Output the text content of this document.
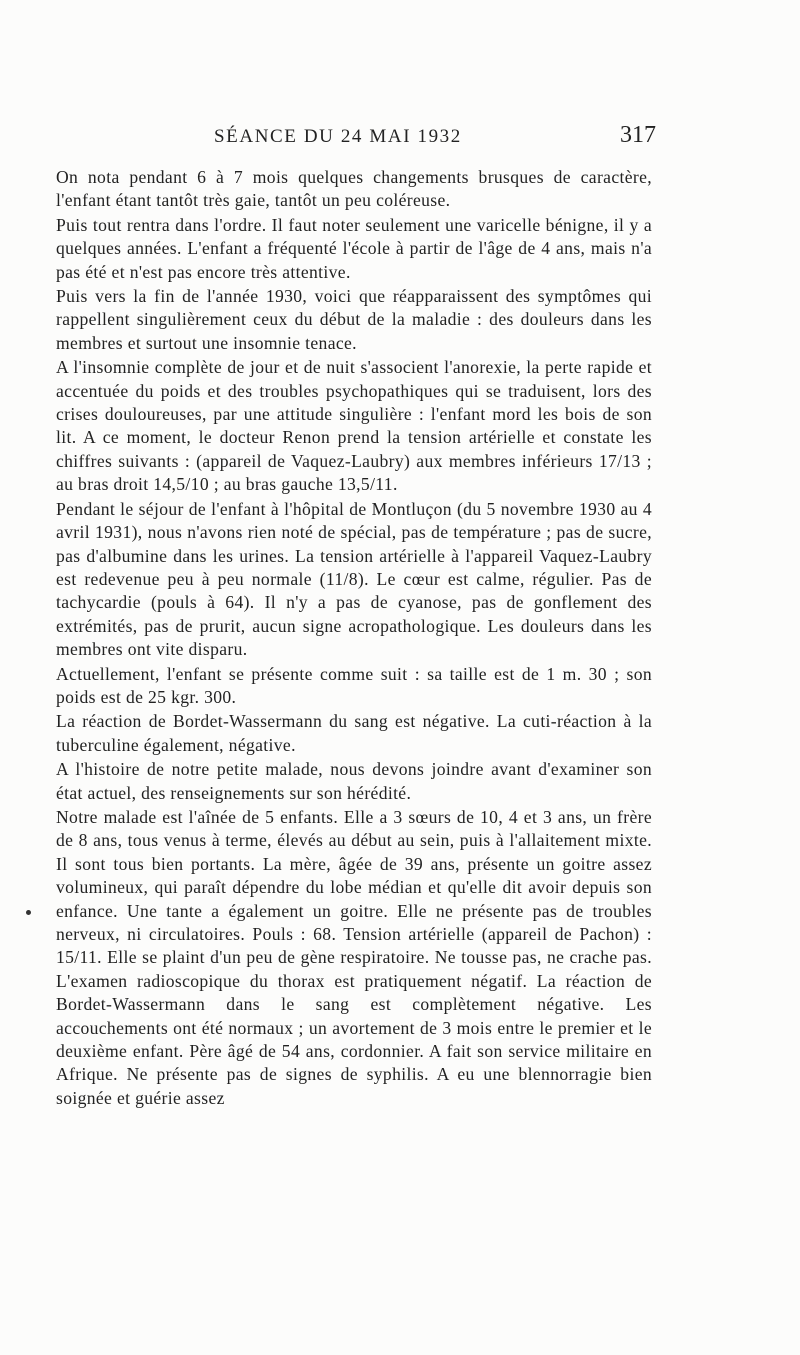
SÉANCE DU 24 MAI 1932	317

On nota pendant 6 à 7 mois quelques changements brusques de caractère, l'enfant étant tantôt très gaie, tantôt un peu coléreuse.

Puis tout rentra dans l'ordre. Il faut noter seulement une varicelle bénigne, il y a quelques années. L'enfant a fréquenté l'école à partir de l'âge de 4 ans, mais n'a pas été et n'est pas encore très attentive.

Puis vers la fin de l'année 1930, voici que réapparaissent des symptômes qui rappellent singulièrement ceux du début de la maladie : des douleurs dans les membres et surtout une insomnie tenace.

A l'insomnie complète de jour et de nuit s'associent l'anorexie, la perte rapide et accentuée du poids et des troubles psychopathiques qui se traduisent, lors des crises douloureuses, par une attitude singulière : l'enfant mord les bois de son lit. A ce moment, le docteur Renon prend la tension artérielle et constate les chiffres suivants : (appareil de Vaquez-Laubry) aux membres inférieurs 17/13 ; au bras droit 14,5/10 ; au bras gauche 13,5/11.

Pendant le séjour de l'enfant à l'hôpital de Montluçon (du 5 novembre 1930 au 4 avril 1931), nous n'avons rien noté de spécial, pas de température ; pas de sucre, pas d'albumine dans les urines. La tension artérielle à l'appareil Vaquez-Laubry est redevenue peu à peu normale (11/8). Le cœur est calme, régulier. Pas de tachycardie (pouls à 64). Il n'y a pas de cyanose, pas de gonflement des extrémités, pas de prurit, aucun signe acropathologique. Les douleurs dans les membres ont vite disparu.

Actuellement, l'enfant se présente comme suit : sa taille est de 1 m. 30 ; son poids est de 25 kgr. 300.

La réaction de Bordet-Wassermann du sang est négative. La cuti-réaction à la tuberculine également, négative.

A l'histoire de notre petite malade, nous devons joindre avant d'examiner son état actuel, des renseignements sur son hérédité.

Notre malade est l'aînée de 5 enfants. Elle a 3 sœurs de 10, 4 et 3 ans, un frère de 8 ans, tous venus à terme, élevés au début au sein, puis à l'allaitement mixte. Il sont tous bien portants. La mère, âgée de 39 ans, présente un goitre assez volumineux, qui paraît dépendre du lobe médian et qu'elle dit avoir depuis son enfance. Une tante a également un goitre. Elle ne présente pas de troubles nerveux, ni circulatoires. Pouls : 68. Tension artérielle (appareil de Pachon) : 15/11. Elle se plaint d'un peu de gène respiratoire. Ne tousse pas, ne crache pas. L'examen radioscopique du thorax est pratiquement négatif. La réaction de Bordet-Wassermann dans le sang est complètement négative. Les accouchements ont été normaux ; un avortement de 3 mois entre le premier et le deuxième enfant. Père âgé de 54 ans, cordonnier. A fait son service militaire en Afrique. Ne présente pas de signes de syphilis. A eu une blennorragie bien soignée et guérie assez
